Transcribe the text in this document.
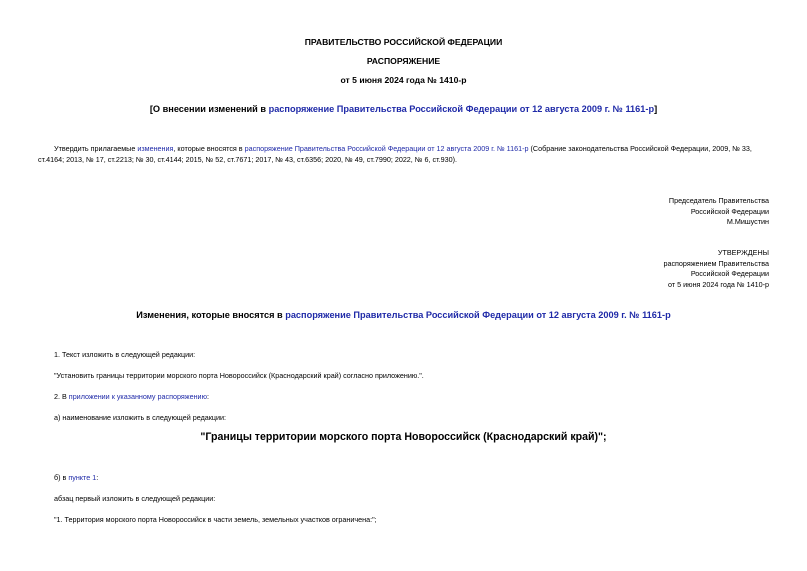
ПРАВИТЕЛЬСТВО РОССИЙСКОЙ ФЕДЕРАЦИИ
РАСПОРЯЖЕНИЕ
от 5 июня 2024 года № 1410-р
[О внесении изменений в распоряжение Правительства Российской Федерации от 12 августа 2009 г. № 1161-р]
Утвердить прилагаемые изменения, которые вносятся в распоряжение Правительства Российской Федерации от 12 августа 2009 г. № 1161-р (Собрание законодательства Российской Федерации, 2009, № 33, ст.4164; 2013, № 17, ст.2213; № 30, ст.4144; 2015, № 52, ст.7671; 2017, № 43, ст.6356; 2020, № 49, ст.7990; 2022, № 6, ст.930).
Председатель Правительства
Российской Федерации
М.Мишустин
УТВЕРЖДЕНЫ
распоряжением Правительства
Российской Федерации
от 5 июня 2024 года № 1410-р
Изменения, которые вносятся в распоряжение Правительства Российской Федерации от 12 августа 2009 г. № 1161-р
1. Текст изложить в следующей редакции:
"Установить границы территории морского порта Новороссийск (Краснодарский край) согласно приложению.".
2. В приложении к указанному распоряжению:
а) наименование изложить в следующей редакции:
"Границы территории морского порта Новороссийск (Краснодарский край)";
б) в пункте 1:
абзац первый изложить в следующей редакции:
"1. Территория морского порта Новороссийск в части земель, земельных участков ограничена:";
